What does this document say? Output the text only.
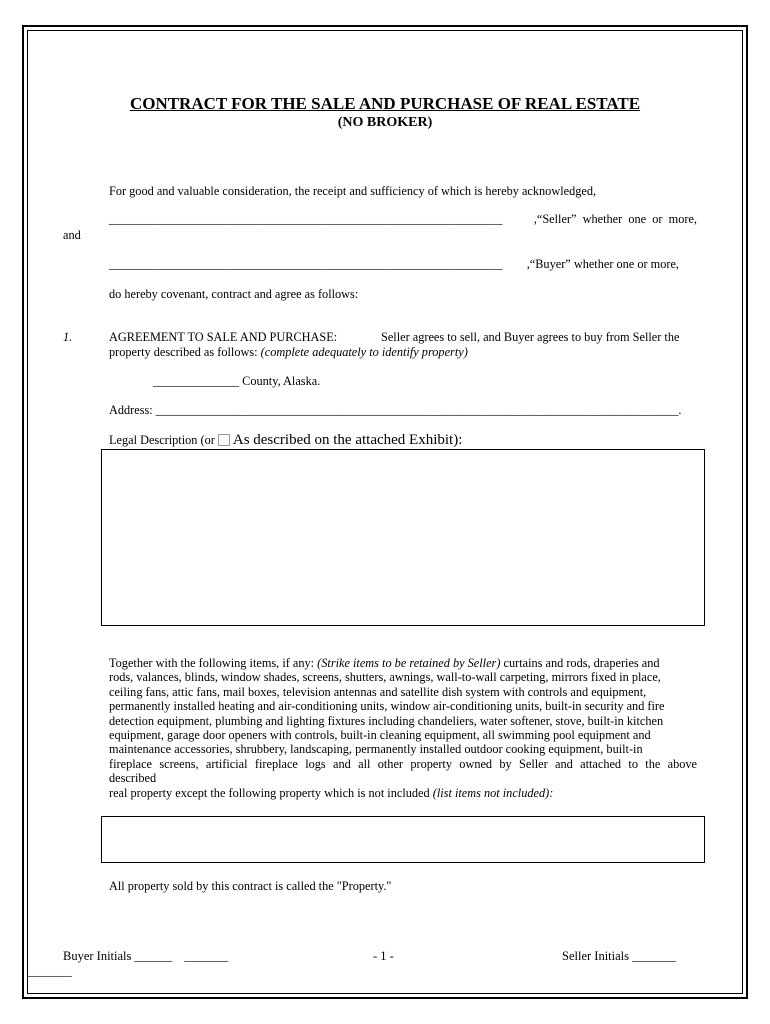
CONTRACT FOR THE SALE AND PURCHASE OF REAL ESTATE
(NO BROKER)
For good and valuable consideration, the receipt and sufficiency of which is hereby acknowledged,
________________________________________________________________	,“Seller”  whether  one  or  more,
and
________________________________________________________________ ,“Buyer” whether one or more,
do hereby covenant, contract and agree as follows:
1.	AGREEMENT TO SALE AND PURCHASE:	Seller agrees to sell, and Buyer agrees to buy from Seller the
property described as follows: (complete adequately to identify property)
______________ County, Alaska.
Address: _____________________________________________________________________________________.
Legal Description (or As described on the attached Exhibit):
Together with the following items, if any: (Strike items to be retained by Seller) curtains and rods, draperies and
rods, valances, blinds, window shades, screens, shutters, awnings, wall-to-wall carpeting, mirrors fixed in place,
ceiling fans, attic fans, mail boxes, television antennas and satellite dish system with controls and equipment,
permanently installed heating and air-conditioning units, window air-conditioning units, built-in security and fire
detection equipment, plumbing and lighting fixtures including chandeliers, water softener, stove, built-in kitchen
equipment, garage door openers with controls, built-in cleaning equipment, all swimming pool equipment and
maintenance accessories, shrubbery, landscaping, permanently installed outdoor cooking equipment, built-in
fireplace screens, artificial fireplace logs and all other property owned by Seller and attached to the above
described
real property except the following property which is not included (list items not included):
All property sold by this contract is called the "Property."
Buyer Initials ______ _______	- 1 -	Seller Initials _______
_______
